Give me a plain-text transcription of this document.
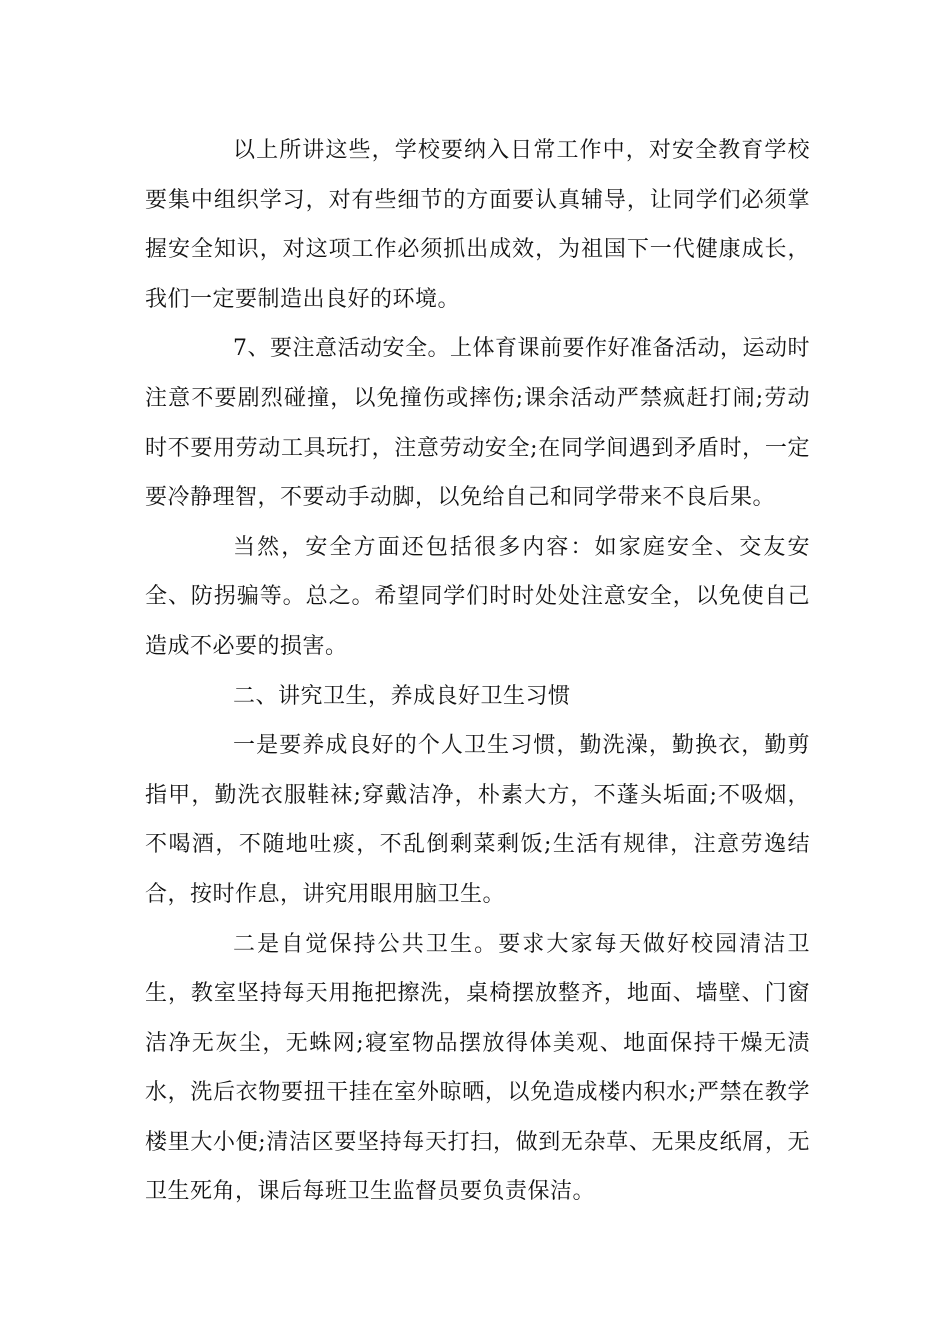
以上所讲这些，学校要纳入日常工作中，对安全教育学校要集中组织学习，对有些细节的方面要认真辅导，让同学们必须掌握安全知识，对这项工作必须抓出成效，为祖国下一代健康成长，我们一定要制造出良好的环境。

7、要注意活动安全。上体育课前要作好准备活动，运动时注意不要剧烈碰撞，以免撞伤或摔伤;课余活动严禁疯赶打闹;劳动时不要用劳动工具玩打，注意劳动安全;在同学间遇到矛盾时，一定要冷静理智，不要动手动脚，以免给自己和同学带来不良后果。

当然，安全方面还包括很多内容：如家庭安全、交友安全、防拐骗等。总之。希望同学们时时处处注意安全，以免使自己造成不必要的损害。

二、讲究卫生，养成良好卫生习惯

一是要养成良好的个人卫生习惯，勤洗澡，勤换衣，勤剪指甲，勤洗衣服鞋袜;穿戴洁净，朴素大方，不蓬头垢面;不吸烟，不喝酒，不随地吐痰，不乱倒剩菜剩饭;生活有规律，注意劳逸结合，按时作息，讲究用眼用脑卫生。

二是自觉保持公共卫生。要求大家每天做好校园清洁卫生，教室坚持每天用拖把擦洗，桌椅摆放整齐，地面、墙壁、门窗洁净无灰尘，无蛛网;寝室物品摆放得体美观、地面保持干燥无渍水，洗后衣物要扭干挂在室外晾晒，以免造成楼内积水;严禁在教学楼里大小便;清洁区要坚持每天打扫，做到无杂草、无果皮纸屑，无卫生死角，课后每班卫生监督员要负责保洁。
